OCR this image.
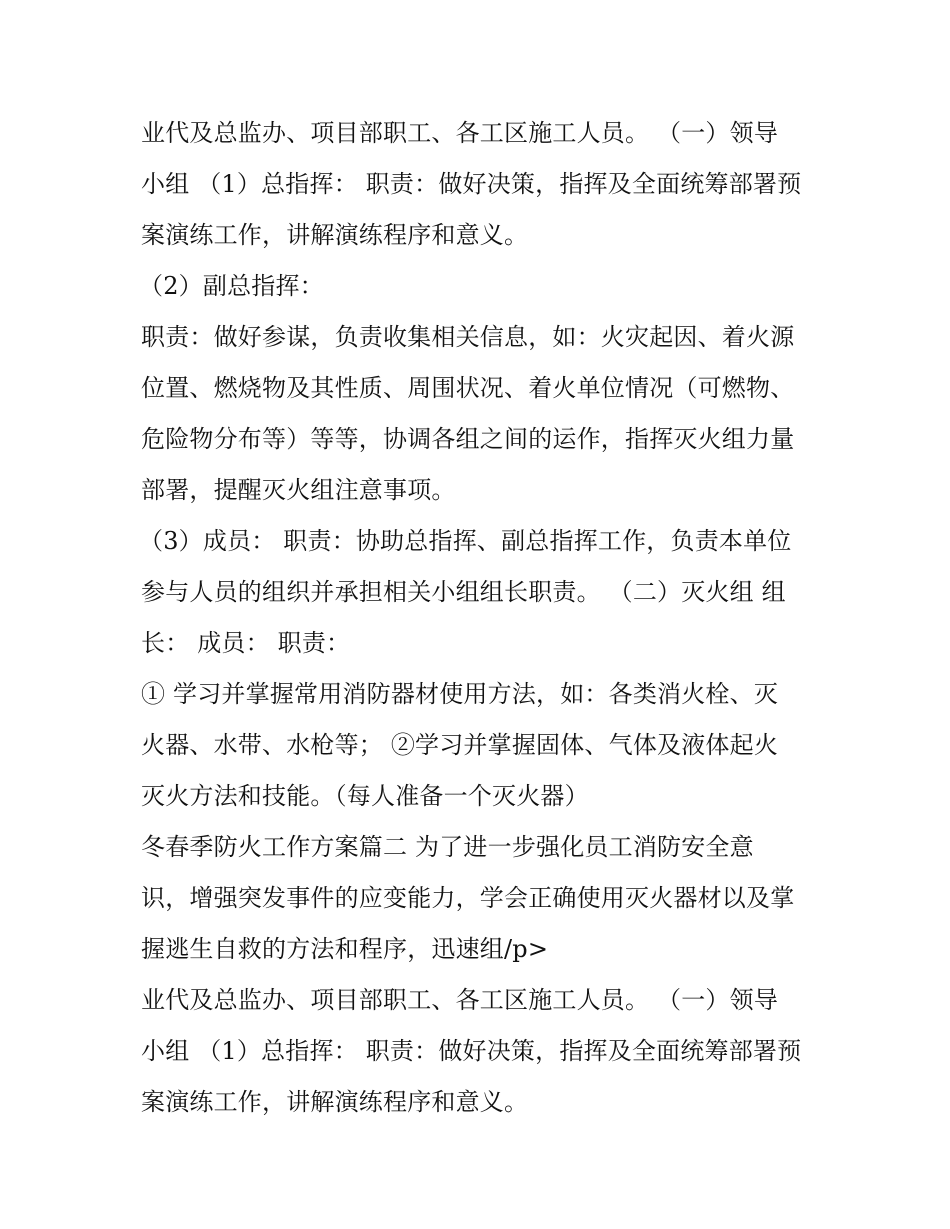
业代及总监办、项目部职工、各工区施工人员。 （一）领导
小组 （1）总指挥： 职责：做好决策，指挥及全面统筹部署预
案演练工作，讲解演练程序和意义。
（2）副总指挥：
职责：做好参谋，负责收集相关信息，如：火灾起因、着火源
位置、燃烧物及其性质、周围状况、着火单位情况（可燃物、
危险物分布等）等等，协调各组之间的运作，指挥灭火组力量
部署，提醒灭火组注意事项。
（3）成员： 职责：协助总指挥、副总指挥工作，负责本单位
参与人员的组织并承担相关小组组长职责。 （二）灭火组 组
长： 成员： 职责：
① 学习并掌握常用消防器材使用方法，如：各类消火栓、灭
火器、水带、水枪等； ②学习并掌握固体、气体及液体起火
灭火方法和技能。（每人准备一个灭火器）
冬春季防火工作方案篇二 为了进一步强化员工消防安全意
识，增强突发事件的应变能力，学会正确使用灭火器材以及掌
握逃生自救的方法和程序，迅速组/p>
业代及总监办、项目部职工、各工区施工人员。 （一）领导
小组 （1）总指挥： 职责：做好决策，指挥及全面统筹部署预
案演练工作，讲解演练程序和意义。
